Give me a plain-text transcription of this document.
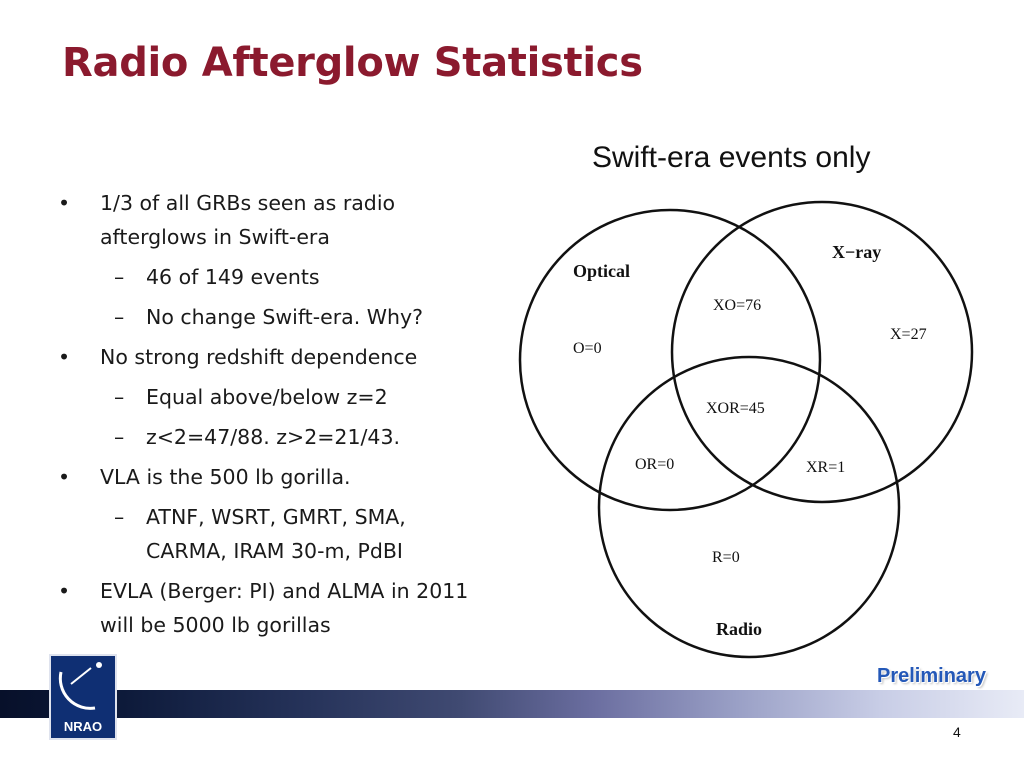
Radio Afterglow Statistics
Swift-era events only
• 1/3 of all GRBs seen as radio afterglows in Swift-era
– 46 of 149 events
– No change Swift-era. Why?
• No strong redshift dependence
– Equal above/below z=2
– z<2=47/88. z>2=21/43.
• VLA is the 500 lb gorilla.
– ATNF, WSRT, GMRT, SMA, CARMA, IRAM 30-m, PdBI
• EVLA (Berger: PI) and ALMA in 2011 will be 5000 lb gorillas
Optical
X−ray
Radio
O=0
X=27
R=0
XO=76
OR=0	XR=1
XOR=45
NRAO
Preliminary
4
